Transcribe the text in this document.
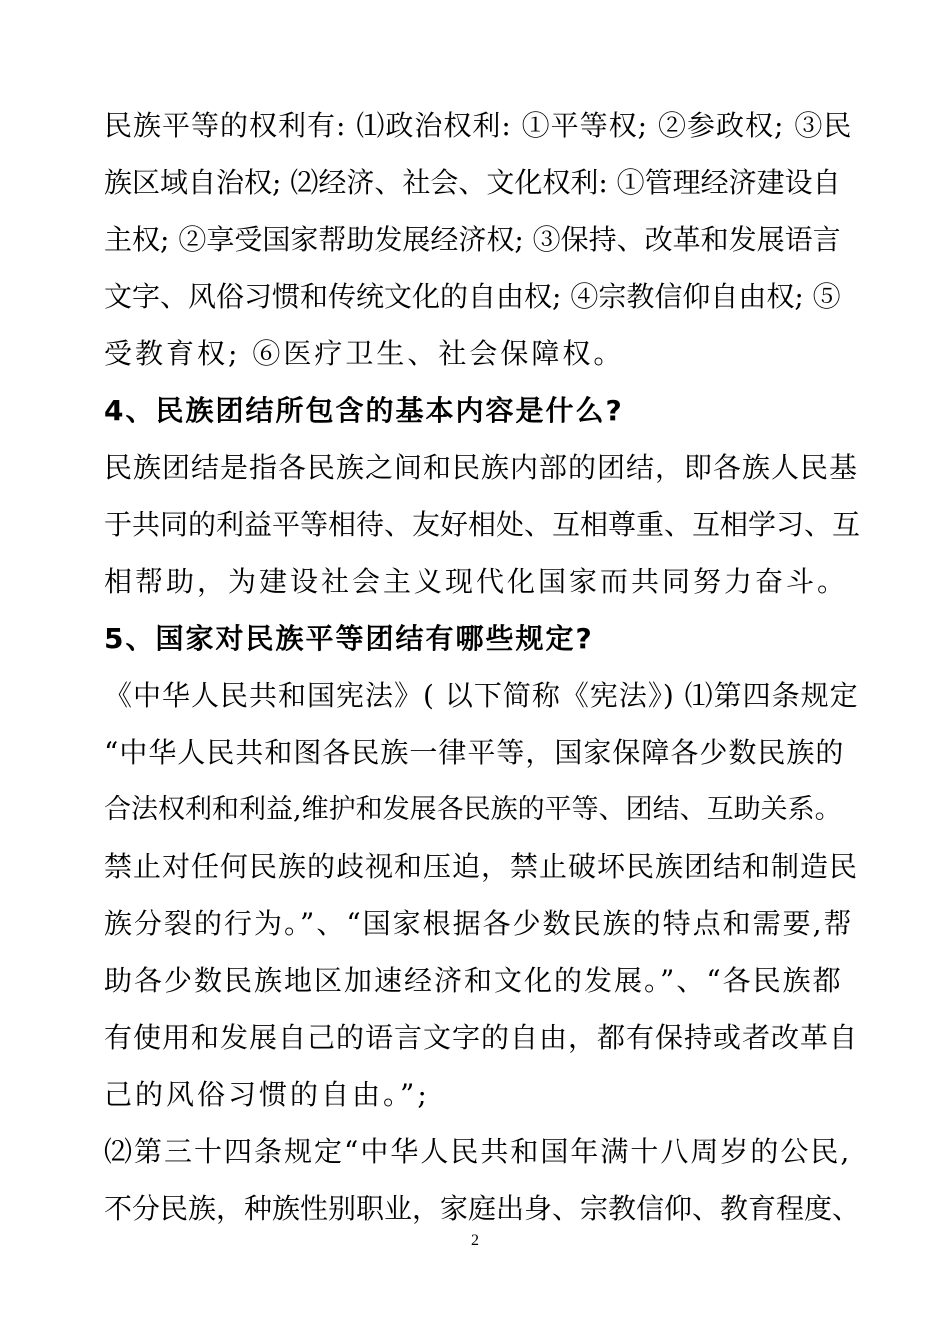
民族平等的权利有: ⑴政治权利: ①平等权; ②参政权; ③民
族区域自治权; ⑵经济、社会、文化权利: ①管理经济建设自
主权; ②享受国家帮助发展经济权; ③保持、改革和发展语言
文字、风俗习惯和传统文化的自由权; ④宗教信仰自由权; ⑤
受教育权; ⑥医疗卫生、社会保障权。
4、民族团结所包含的基本内容是什么?
民族团结是指各民族之间和民族内部的团结，即各族人民基
于共同的利益平等相待、友好相处、互相尊重、互相学习、互
相帮助，为建设社会主义现代化国家而共同努力奋斗。
5、国家对民族平等团结有哪些规定?
《中华人民共和国宪法》( 以下简称《宪法》) ⑴第四条规定
“中华人民共和图各民族一律平等，国家保障各少数民族的
合法权利和利益,维护和发展各民族的平等、团结、互助关系。
禁止对任何民族的歧视和压迫，禁止破坏民族团结和制造民
族分裂的行为。”、“国家根据各少数民族的特点和需要,帮
助各少数民族地区加速经济和文化的发展。”、“各民族都
有使用和发展自己的语言文字的自由，都有保持或者改革自
己的风俗习惯的自由。”;
⑵第三十四条规定“中华人民共和国年满十八周岁的公民,
不分民族，种族性别职业，家庭出身、宗教信仰、教育程度、
2
